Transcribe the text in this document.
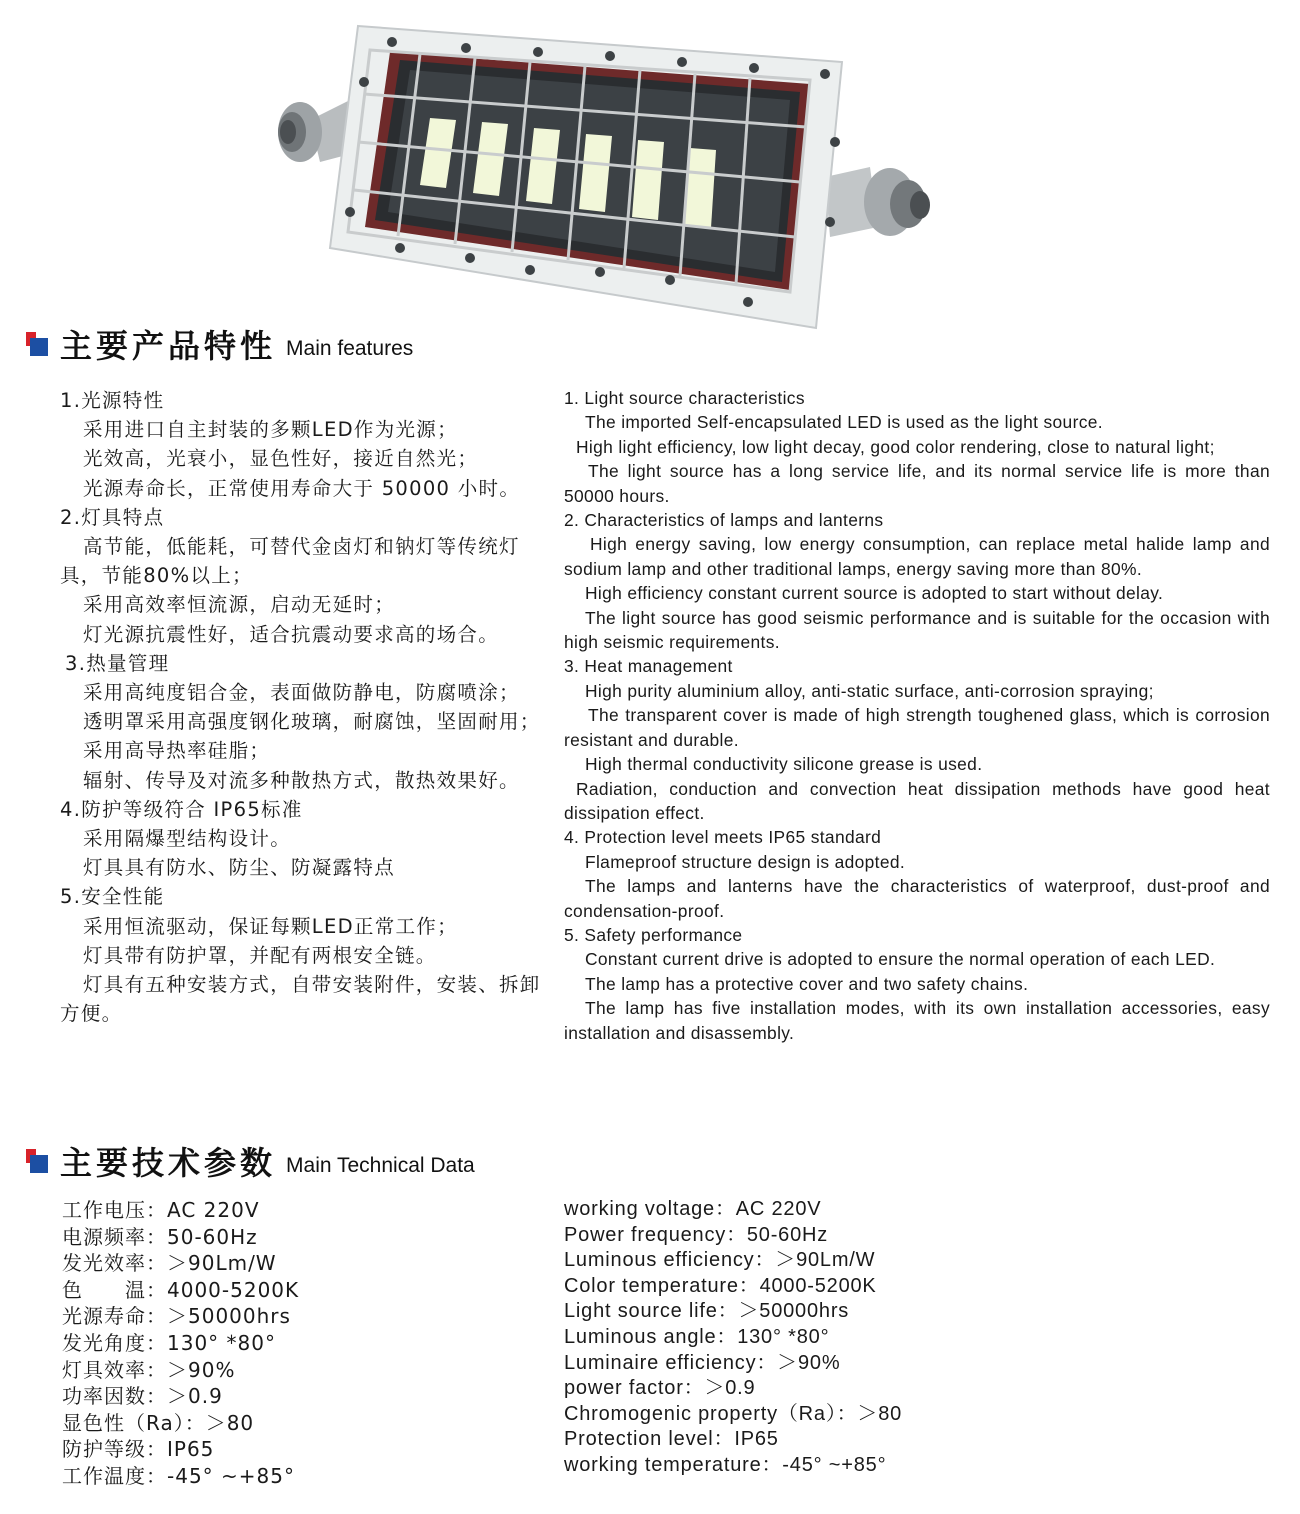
主要产品特性 Main features

1.光源特性

采用进口自主封装的多颗LED作为光源；

光效高，光衰小，显色性好，接近自然光；

光源寿命长，正常使用寿命大于 50000 小时。

2.灯具特点

高节能，低能耗，可替代金卤灯和钠灯等传统灯具，节能80%以上；

采用高效率恒流源，启动无延时；

灯光源抗震性好，适合抗震动要求高的场合。

3.热量管理

采用高纯度铝合金，表面做防静电，防腐喷涂；

透明罩采用高强度钢化玻璃，耐腐蚀，坚固耐用；

采用高导热率硅脂；

辐射、传导及对流多种散热方式，散热效果好。

4.防护等级符合 IP65标准

采用隔爆型结构设计。

灯具具有防水、防尘、防凝露特点

5.安全性能

采用恒流驱动，保证每颗LED正常工作；

灯具带有防护罩，并配有两根安全链。

灯具有五种安装方式，自带安装附件，安装、拆卸方便。

1. Light source characteristics

The imported Self-encapsulated LED is used as the light source.

High light efficiency, low light decay, good color rendering, close to natural light;

The light source has a long service life, and its normal service life is more than 50000 hours.

2. Characteristics of lamps and lanterns

High energy saving, low energy consumption, can replace metal halide lamp and sodium lamp and other traditional lamps, energy saving more than 80%.

High efficiency constant current source is adopted to start without delay.

The light source has good seismic performance and is suitable for the occasion with high seismic requirements.

3. Heat management

High purity aluminium alloy, anti-static surface, anti-corrosion spraying;

The transparent cover is made of high strength toughened glass, which is corrosion resistant and durable.

High thermal conductivity silicone grease is used.

Radiation, conduction and convection heat dissipation methods have good heat dissipation effect.

4. Protection level meets IP65 standard

Flameproof structure design is adopted.

The lamps and lanterns have the characteristics of waterproof, dust-proof and condensation-proof.

5. Safety performance

Constant current drive is adopted to ensure the normal operation of each LED.

The lamp has a protective cover and two safety chains.

The lamp has five installation modes, with its own installation accessories, easy installation and disassembly.

主要技术参数 Main Technical Data
工作电压：AC 220V
电源频率：50-60Hz
发光效率：＞90Lm/W
色　　温：4000-5200K
光源寿命：＞50000hrs
发光角度：130° *80°
灯具效率：＞90%
功率因数：＞0.9
显色性（Ra）：＞80
防护等级：IP65
工作温度：-45° ~+85°
working voltage：AC 220V
Power frequency：50-60Hz
Luminous efficiency：＞90Lm/W
Color temperature：4000-5200K
Light source life：＞50000hrs
Luminous angle：130° *80°
Luminaire efficiency：＞90%
power factor：＞0.9
Chromogenic property（Ra）：＞80
Protection level：IP65
working temperature：-45° ~+85°
